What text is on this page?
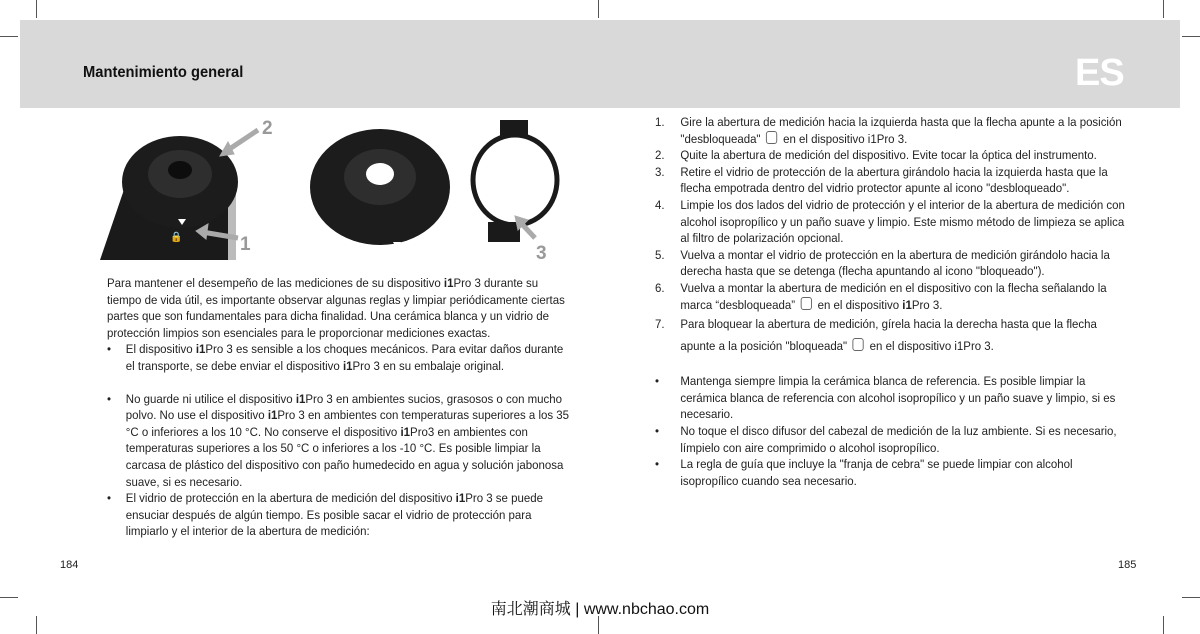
Mantenimiento general	ES
🔒
2
1	3
Para mantener el desempeño de las mediciones de su dispositivo i1Pro 3 durante su tiempo de vida útil, es importante observar algunas reglas y limpiar periódicamente ciertas partes que son fundamentales para dicha finalidad. Una cerámica blanca y un vidrio de protección limpios son esenciales para le proporcionar mediciones exactas.
• El dispositivo i1Pro 3 es sensible a los choques mecánicos. Para evitar daños durante el transporte, se debe enviar el dispositivo i1Pro 3 en su embalaje original.
• No guarde ni utilice el dispositivo i1Pro 3 en ambientes sucios, grasosos o con mucho polvo. No use el dispositivo i1Pro 3 en ambientes con temperaturas superiores a los 35 °C o inferiores a los 10 °C. No conserve el dispositivo i1Pro3 en ambientes con temperaturas superiores a los 50 °C o inferiores a los -10 °C. Es posible limpiar la carcasa de plástico del dispositivo con paño humedecido en agua y solución jabonosa suave, si es necesario.
• El vidrio de protección en la abertura de medición del dispositivo i1Pro 3 se puede ensuciar después de algún tiempo. Es posible sacar el vidrio de protección para limpiarlo y el interior de la abertura de medición:
1. Gire la abertura de medición hacia la izquierda hasta que la flecha apunte a la posición "desbloqueada" en el dispositivo i1Pro 3.
2. Quite la abertura de medición del dispositivo. Evite tocar la óptica del instrumento.
3. Retire el vidrio de protección de la abertura girándolo hacia la izquierda hasta que la flecha empotrada dentro del vidrio protector apunte al icono "desbloqueado".
4. Limpie los dos lados del vidrio de protección y el interior de la abertura de medición con alcohol isopropílico y un paño suave y limpio. Este mismo método de limpieza se aplica al filtro de polarización opcional.
5. Vuelva a montar el vidrio de protección en la abertura de medición girándolo hacia la derecha hasta que se detenga (flecha apuntando al icono "bloqueado").
6. Vuelva a montar la abertura de medición en el dispositivo con la flecha señalando la marca “desbloqueada” en el dispositivo i1Pro 3.
7. Para bloquear la abertura de medición, gírela hacia la derecha hasta que la flecha apunte a la posición "bloqueada" en el dispositivo i1Pro 3.
• Mantenga siempre limpia la cerámica blanca de referencia. Es posible limpiar la cerámica blanca de referencia con alcohol isopropílico y un paño suave y limpio, si es necesario.
• No toque el disco difusor del cabezal de medición de la luz ambiente. Si es necesario, límpielo con aire comprimido o alcohol isopropílico.
• La regla de guía que incluye la "franja de cebra" se puede limpiar con alcohol isopropílico cuando sea necesario.
184	185
南北潮商城 | www.nbchao.com
